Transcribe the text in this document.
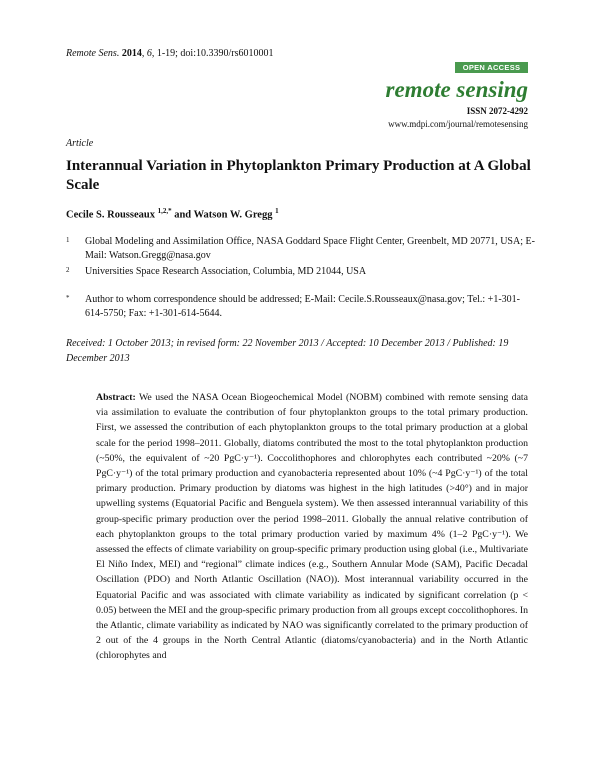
Remote Sens. 2014, 6, 1-19; doi:10.3390/rs6010001
OPEN ACCESS
remote sensing
ISSN 2072-4292
www.mdpi.com/journal/remotesensing
Article
Interannual Variation in Phytoplankton Primary Production at A Global Scale
Cecile S. Rousseaux $^{1,2,*}$ and Watson W. Gregg $^1$
1 Global Modeling and Assimilation Office, NASA Goddard Space Flight Center, Greenbelt, MD 20771, USA; E-Mail: Watson.Gregg@nasa.gov
2 Universities Space Research Association, Columbia, MD 21044, USA
* Author to whom correspondence should be addressed; E-Mail: Cecile.S.Rousseaux@nasa.gov; Tel.: +1-301-614-5750; Fax: +1-301-614-5644.
Received: 1 October 2013; in revised form: 22 November 2013 / Accepted: 10 December 2013 / Published: 19 December 2013
Abstract: We used the NASA Ocean Biogeochemical Model (NOBM) combined with remote sensing data via assimilation to evaluate the contribution of four phytoplankton groups to the total primary production. First, we assessed the contribution of each phytoplankton groups to the total primary production at a global scale for the period 1998–2011. Globally, diatoms contributed the most to the total phytoplankton production (~50%, the equivalent of ~20 PgC·y⁻¹). Coccolithophores and chlorophytes each contributed ~20% (~7 PgC·y⁻¹) of the total primary production and cyanobacteria represented about 10% (~4 PgC·y⁻¹) of the total primary production. Primary production by diatoms was highest in the high latitudes (>40°) and in major upwelling systems (Equatorial Pacific and Benguela system). We then assessed interannual variability of this group-specific primary production over the period 1998–2011. Globally the annual relative contribution of each phytoplankton groups to the total primary production varied by maximum 4% (1–2 PgC·y⁻¹). We assessed the effects of climate variability on group-specific primary production using global (i.e., Multivariate El Niño Index, MEI) and “regional” climate indices (e.g., Southern Annular Mode (SAM), Pacific Decadal Oscillation (PDO) and North Atlantic Oscillation (NAO)). Most interannual variability occurred in the Equatorial Pacific and was associated with climate variability as indicated by significant correlation (p < 0.05) between the MEI and the group-specific primary production from all groups except coccolithophores. In the Atlantic, climate variability as indicated by NAO was significantly correlated to the primary production of 2 out of the 4 groups in the North Central Atlantic (diatoms/cyanobacteria) and in the North Atlantic (chlorophytes and
